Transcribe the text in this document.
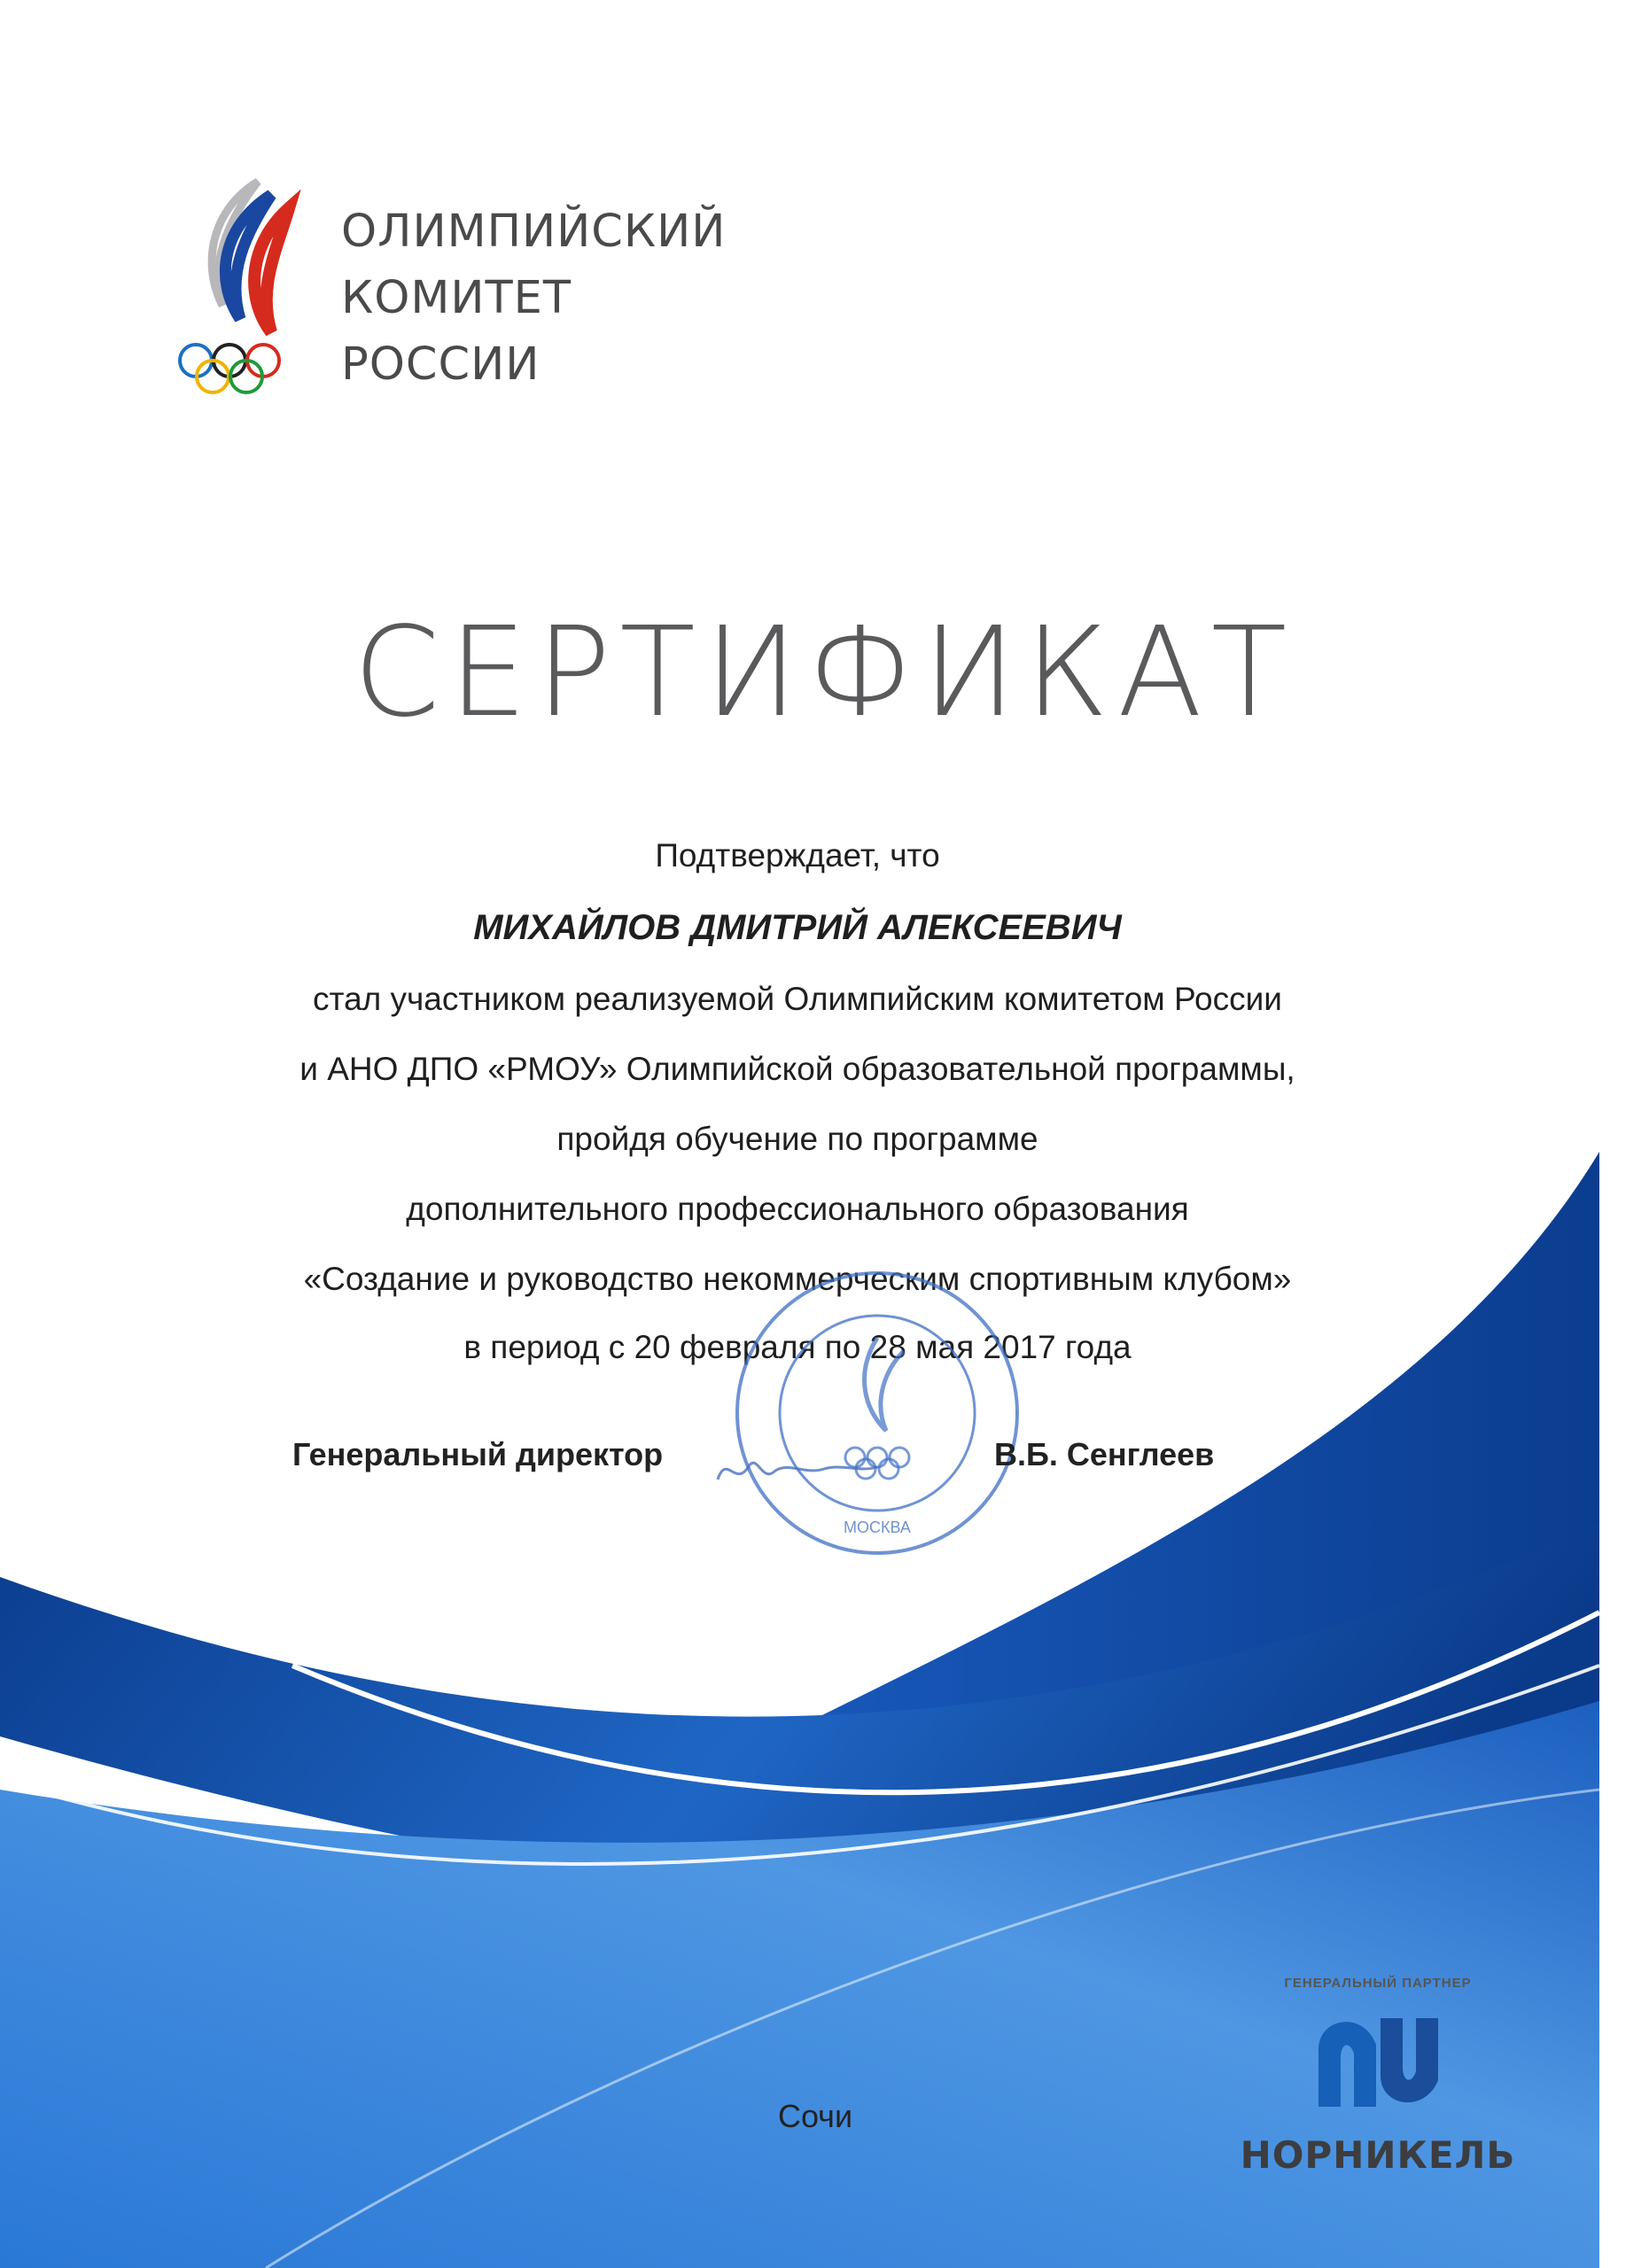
ОЛИМПИЙСКИЙ
КОМИТЕТ
РОССИИ
СЕРТИФИКАТ
Подтверждает, что
МИХАЙЛОВ ДМИТРИЙ АЛЕКСЕЕВИЧ
стал участником реализуемой Олимпийским комитетом России
и АНО ДПО «РМОУ» Олимпийской образовательной программы,
пройдя обучение по программе
дополнительного профессионального образования
«Создание и руководство некоммерческим спортивным клубом»
в период с 20 февраля по 28 мая 2017 года
МОСКВА
Генеральный директор	В.Б. Сенглеев
Сочи
ГЕНЕРАЛЬНЫЙ ПАРТНЕР
НОРНИКЕЛЬ
